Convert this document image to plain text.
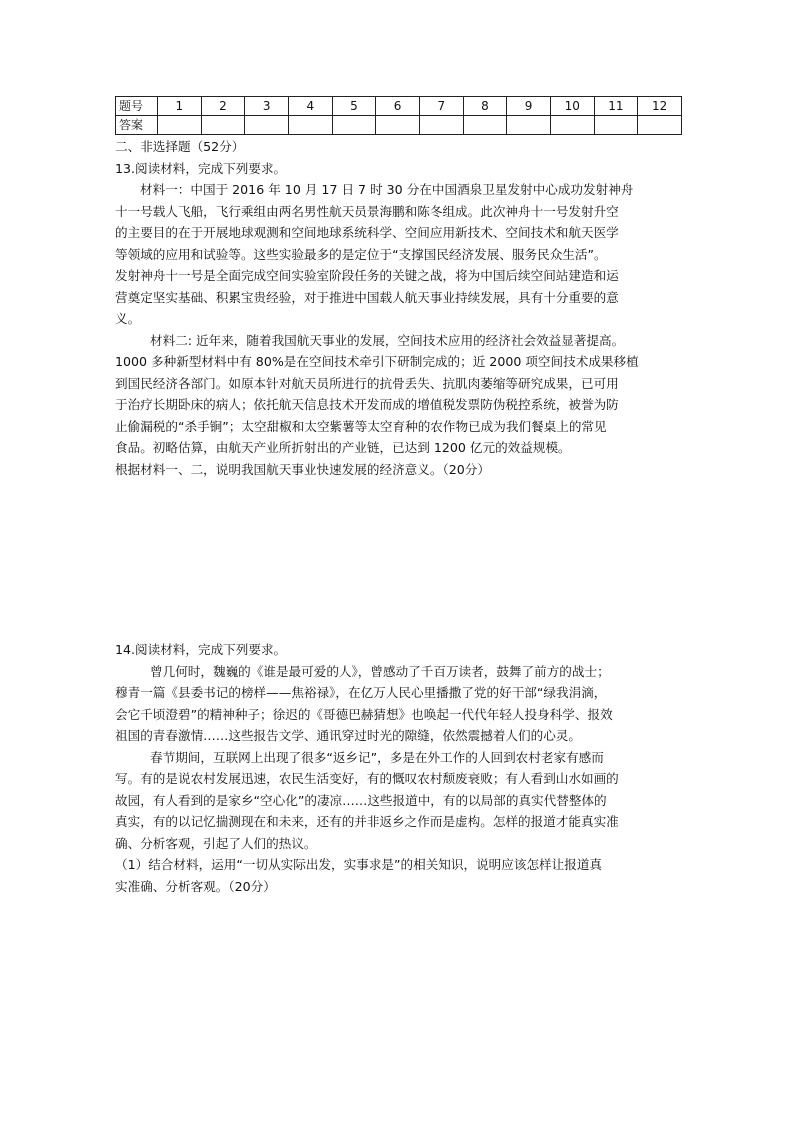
题号	1	2	3	4	5	6	7	8	9	10	11	12
答案												

二、非选择题（52分）

13.阅读材料，完成下列要求。

材料一：中国于 2016 年 10 月 17 日 7 时 30 分在中国酒泉卫星发射中心成功发射神舟

十一号载人飞船，飞行乘组由两名男性航天员景海鹏和陈冬组成。此次神舟十一号发射升空

的主要目的在于开展地球观测和空间地球系统科学、空间应用新技术、空间技术和航天医学

等领域的应用和试验等。这些实验最多的是定位于“支撑国民经济发展、服务民众生活”。

发射神舟十一号是全面完成空间实验室阶段任务的关键之战，将为中国后续空间站建造和运

营奠定坚实基础、积累宝贵经验，对于推进中国载人航天事业持续发展，具有十分重要的意

义。

材料二: 近年来，随着我国航天事业的发展，空间技术应用的经济社会效益显著提高。

1000 多种新型材料中有 80%是在空间技术牵引下研制完成的；近 2000 项空间技术成果移植

到国民经济各部门。如原本针对航天员所进行的抗骨丢失、抗肌肉萎缩等研究成果，已可用

于治疗长期卧床的病人；依托航天信息技术开发而成的增值税发票防伪税控系统，被誉为防

止偷漏税的“杀手锏”；太空甜椒和太空紫薯等太空育种的农作物已成为我们餐桌上的常见

食品。初略估算，由航天产业所折射出的产业链，已达到 1200 亿元的效益规模。

根据材料一、二，说明我国航天事业快速发展的经济意义。（20分）

14.阅读材料，完成下列要求。

曾几何时，魏巍的《谁是最可爱的人》，曾感动了千百万读者，鼓舞了前方的战士；

穆青一篇《县委书记的榜样——焦裕禄》，在亿万人民心里播撒了党的好干部“绿我涓滴，

会它千顷澄碧”的精神种子；徐迟的《哥德巴赫猜想》也唤起一代代年轻人投身科学、报效

祖国的青春激情……这些报告文学、通讯穿过时光的隙缝，依然震撼着人们的心灵。

春节期间，互联网上出现了很多“返乡记”，多是在外工作的人回到农村老家有感而

写。有的是说农村发展迅速，农民生活变好，有的慨叹农村颓废衰败；有人看到山水如画的

故园，有人看到的是家乡“空心化”的凄凉……这些报道中，有的以局部的真实代替整体的

真实，有的以记忆揣测现在和未来，还有的并非返乡之作而是虚构。怎样的报道才能真实准

确、分析客观，引起了人们的热议。

（1）结合材料，运用“一切从实际出发，实事求是”的相关知识，说明应该怎样让报道真

实准确、分析客观。（20分）
